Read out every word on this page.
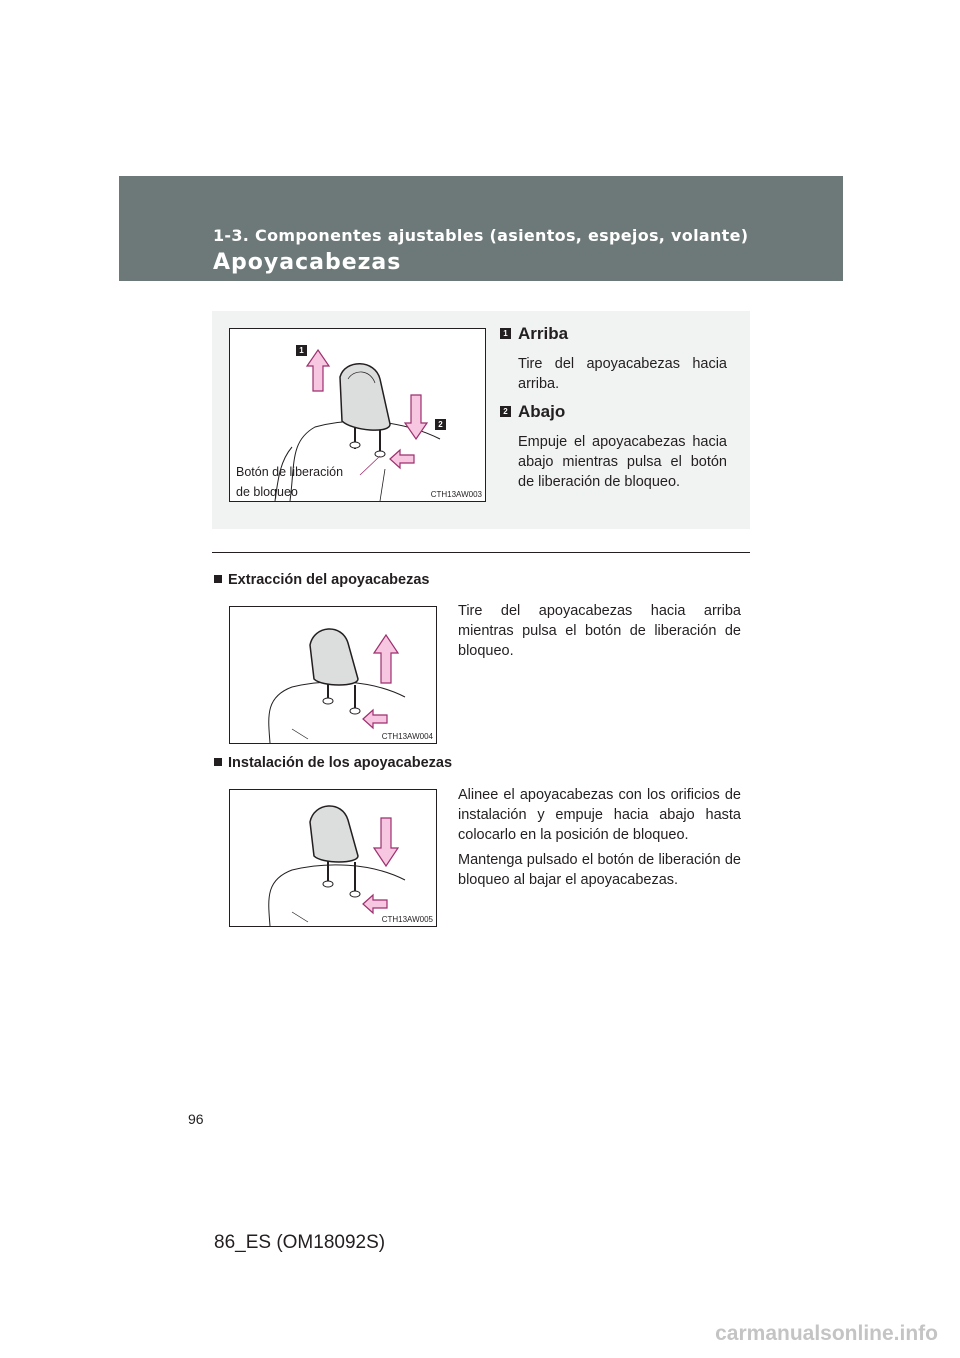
1-3. Componentes ajustables (asientos, espejos, volante)

Apoyacabezas
1
2
Botón de liberación
de bloqueo	CTH13AW003
1 Arriba

Tire del apoyacabezas hacia arriba.

2 Abajo

Empuje el apoyacabezas hacia abajo mientras pulsa el botón de liberación de bloqueo.

Extracción del apoyacabezas
CTH13AW004

Tire del apoyacabezas hacia arriba mientras pulsa el botón de liberación de bloqueo.

Instalación de los apoyacabezas
CTH13AW005

Alinee el apoyacabezas con los orificios de instalación y empuje hacia abajo hasta colocarlo en la posición de bloqueo.

Mantenga pulsado el botón de liberación de bloqueo al bajar el apoyacabezas.

96
86_ES (OM18092S)
carmanualsonline.info
